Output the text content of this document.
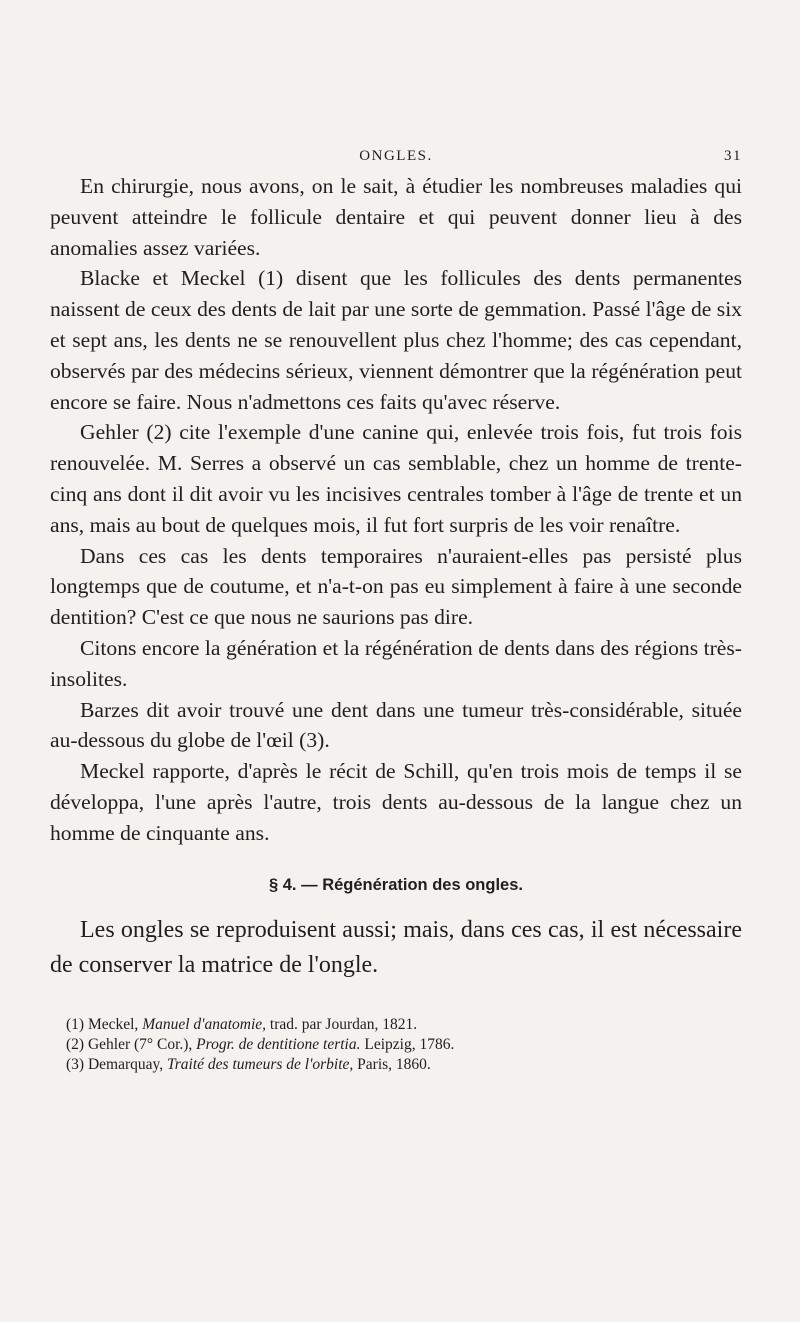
ONGLES.	31

En chirurgie, nous avons, on le sait, à étudier les nombreuses maladies qui peuvent atteindre le follicule dentaire et qui peuvent donner lieu à des anomalies assez variées.

Blacke et Meckel (1) disent que les follicules des dents permanentes naissent de ceux des dents de lait par une sorte de gemmation. Passé l'âge de six et sept ans, les dents ne se renouvellent plus chez l'homme; des cas cependant, observés par des médecins sérieux, viennent démontrer que la régénération peut encore se faire. Nous n'admettons ces faits qu'avec réserve.

Gehler (2) cite l'exemple d'une canine qui, enlevée trois fois, fut trois fois renouvelée. M. Serres a observé un cas semblable, chez un homme de trente-cinq ans dont il dit avoir vu les incisives centrales tomber à l'âge de trente et un ans, mais au bout de quelques mois, il fut fort surpris de les voir renaître.

Dans ces cas les dents temporaires n'auraient-elles pas persisté plus longtemps que de coutume, et n'a-t-on pas eu simplement à faire à une seconde dentition? C'est ce que nous ne saurions pas dire.

Citons encore la génération et la régénération de dents dans des régions très-insolites.

Barzes dit avoir trouvé une dent dans une tumeur très-considérable, située au-dessous du globe de l'œil (3).

Meckel rapporte, d'après le récit de Schill, qu'en trois mois de temps il se développa, l'une après l'autre, trois dents au-dessous de la langue chez un homme de cinquante ans.

§ 4. — Régénération des ongles.

Les ongles se reproduisent aussi; mais, dans ces cas, il est nécessaire de conserver la matrice de l'ongle.

(1) Meckel, Manuel d'anatomie, trad. par Jourdan, 1821.
(2) Gehler (7° Cor.), Progr. de dentitione tertia. Leipzig, 1786.
(3) Demarquay, Traité des tumeurs de l'orbite, Paris, 1860.
